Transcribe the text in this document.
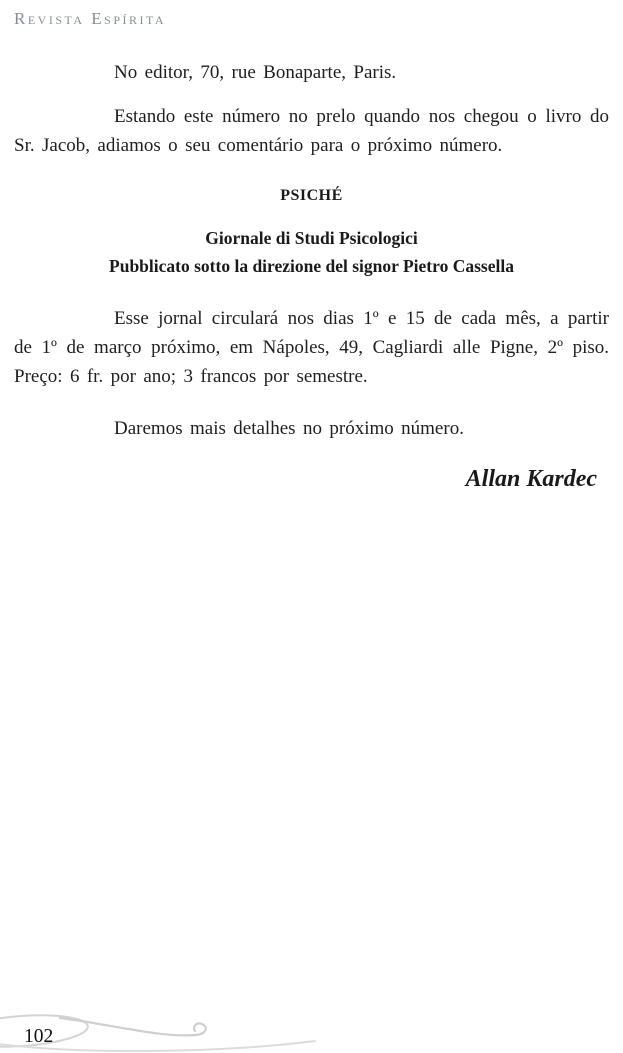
Revista Espírita

No editor, 70, rue Bonaparte, Paris.

Estando este número no prelo quando nos chegou o livro do Sr. Jacob, adiamos o seu comentário para o próximo número.

PSICHÉ
Giornale di Studi Psicologici
Pubblicato sotto la direzione del signor Pietro Cassella

Esse jornal circulará nos dias 1º e 15 de cada mês, a partir de 1º de março próximo, em Nápoles, 49, Cagliardi alle Pigne, 2º piso. Preço: 6 fr. por ano; 3 francos por semestre.

Daremos mais detalhes no próximo número.

Allan Kardec
102
